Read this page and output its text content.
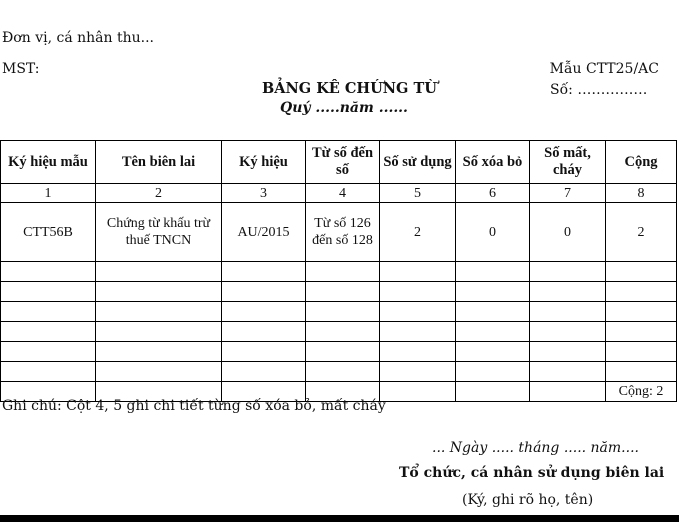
Đơn vị, cá nhân thu...
MST:	Mẫu CTT25/AC
Số: ……………
BẢNG KÊ CHỨNG TỪ
Quý .....năm ......
Ký hiệu mẫu	Tên biên lai	Ký hiệu	Từ số đến số	Số sử dụng	Số xóa bỏ	Số mất, cháy	Cộng
1	2	3	4	5	6	7	8
CTT56B	Chứng từ khấu trừ thuế TNCN	AU/2015	Từ số 126 đến số 128	2	0	0	2

							Cộng: 2
Ghi chú: Cột 4, 5 ghi chi tiết từng số xóa bỏ, mất cháy
... Ngày ..... tháng ..... năm....
Tổ chức, cá nhân sử dụng biên lai
(Ký, ghi rõ họ, tên)
